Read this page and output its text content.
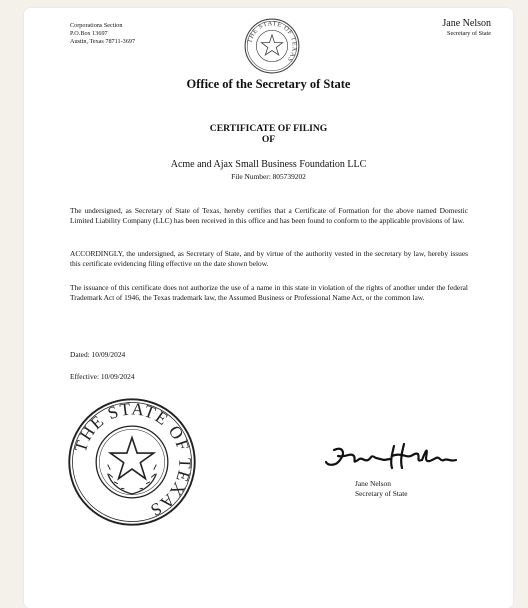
Corporations Section
P.O.Box 13697
Austin, Texas 78711-3697	THE STATE OF TEXAS
Jane Nelson
Secretary of State
Office of the Secretary of State
CERTIFICATE OF FILING
OF
Acme and Ajax Small Business Foundation LLC
File Number: 805739202
The undersigned, as Secretary of State of Texas, hereby certifies that a Certificate of Formation for the above named Domestic Limited Liability Company (LLC) has been received in this office and has been found to conform to the applicable provisions of law.
ACCORDINGLY, the undersigned, as Secretary of State, and by virtue of the authority vested in the secretary by law, hereby issues this certificate evidencing filing effective on the date shown below.
The issuance of this certificate does not authorize the use of a name in this state in violation of the rights of another under the federal Trademark Act of 1946, the Texas trademark law, the Assumed Business or Professional Name Act, or the common law.
Dated: 10/09/2024
Effective: 10/09/2024
THE STATE OF TEXAS
Jane Nelson
Secretary of State
